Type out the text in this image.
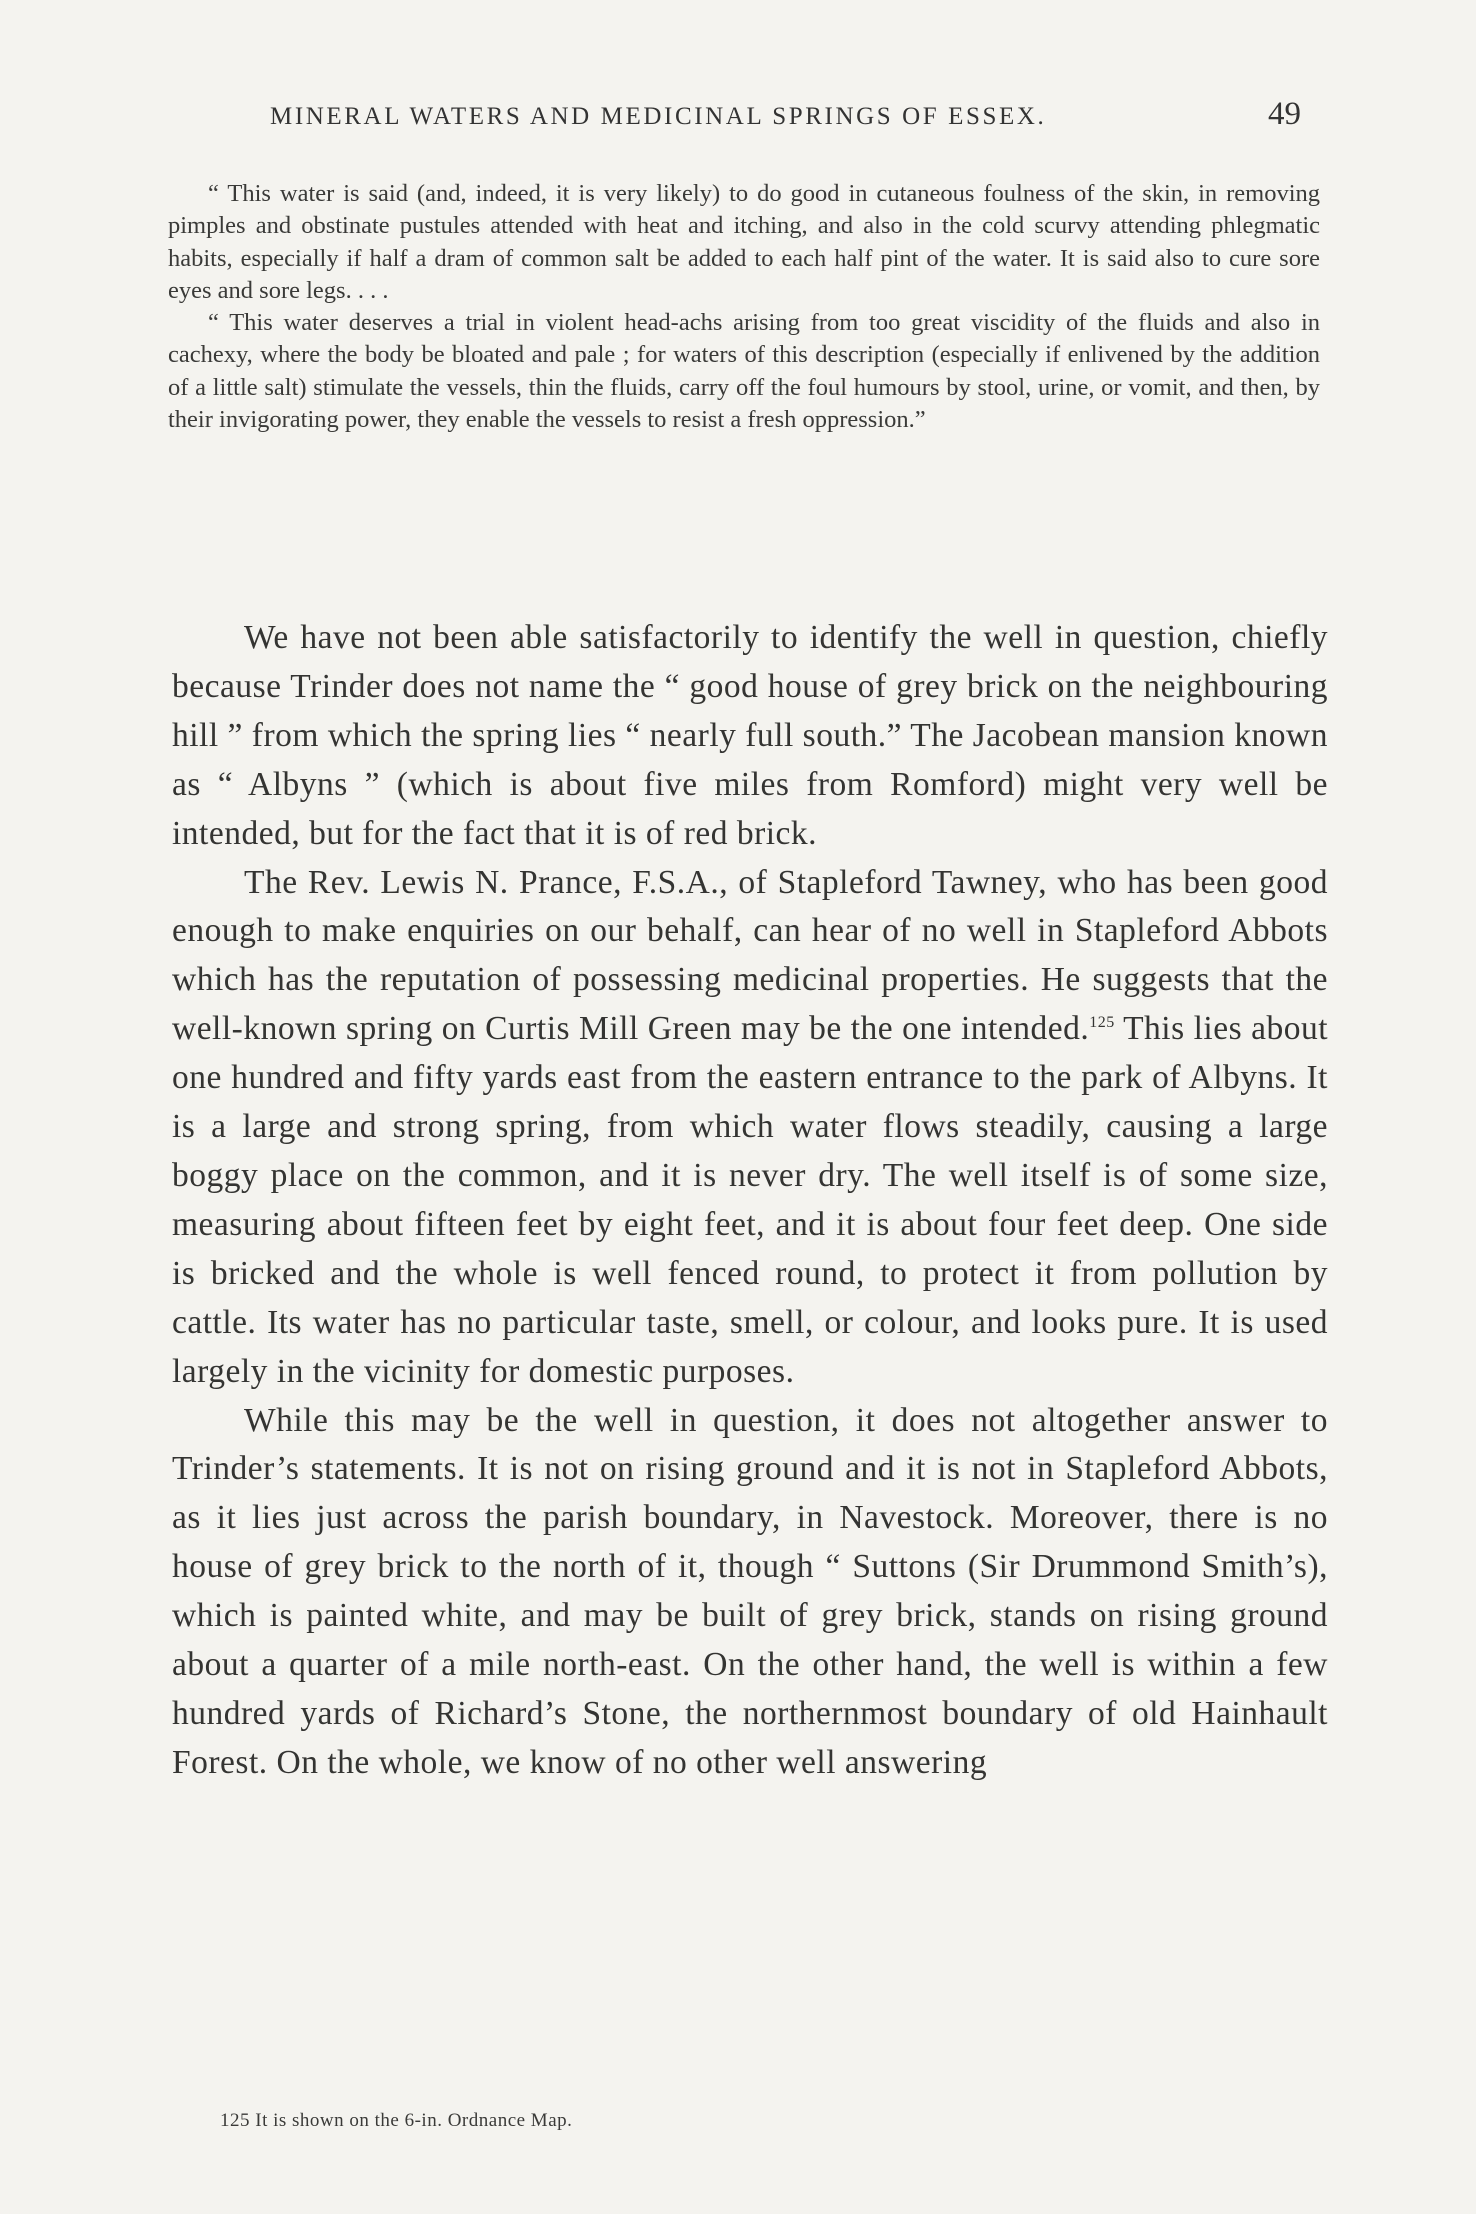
MINERAL WATERS AND MEDICINAL SPRINGS OF ESSEX.	49

“ This water is said (and, indeed, it is very likely) to do good in cutaneous foulness of the skin, in removing pimples and obstinate pustules attended with heat and itching, and also in the cold scurvy attending phlegmatic habits, especially if half a dram of common salt be added to each half pint of the water. It is said also to cure sore eyes and sore legs. . . .

“ This water deserves a trial in violent head-achs arising from too great viscidity of the fluids and also in cachexy, where the body be bloated and pale ; for waters of this description (especially if enlivened by the addition of a little salt) stimulate the vessels, thin the fluids, carry off the foul humours by stool, urine, or vomit, and then, by their invigorating power, they enable the vessels to resist a fresh oppression.”

We have not been able satisfactorily to identify the well in question, chiefly because Trinder does not name the “ good house of grey brick on the neighbouring hill ” from which the spring lies “ nearly full south.” The Jacobean mansion known as “ Albyns ” (which is about five miles from Romford) might very well be intended, but for the fact that it is of red brick.

The Rev. Lewis N. Prance, F.S.A., of Stapleford Tawney, who has been good enough to make enquiries on our behalf, can hear of no well in Stapleford Abbots which has the reputation of possessing medicinal properties. He suggests that the well-known spring on Curtis Mill Green may be the one intended.$^{125}$ This lies about one hundred and fifty yards east from the eastern entrance to the park of Albyns. It is a large and strong spring, from which water flows steadily, causing a large boggy place on the common, and it is never dry. The well itself is of some size, measuring about fifteen feet by eight feet, and it is about four feet deep. One side is bricked and the whole is well fenced round, to protect it from pollution by cattle. Its water has no particular taste, smell, or colour, and looks pure. It is used largely in the vicinity for domestic purposes.

While this may be the well in question, it does not altogether answer to Trinder’s statements. It is not on rising ground and it is not in Stapleford Abbots, as it lies just across the parish boundary, in Navestock. Moreover, there is no house of grey brick to the north of it, though “ Suttons (Sir Drummond Smith’s), which is painted white, and may be built of grey brick, stands on rising ground about a quarter of a mile north-east. On the other hand, the well is within a few hundred yards of Richard’s Stone, the northernmost boundary of old Hainhault Forest. On the whole, we know of no other well answering

125 It is shown on the 6-in. Ordnance Map.
